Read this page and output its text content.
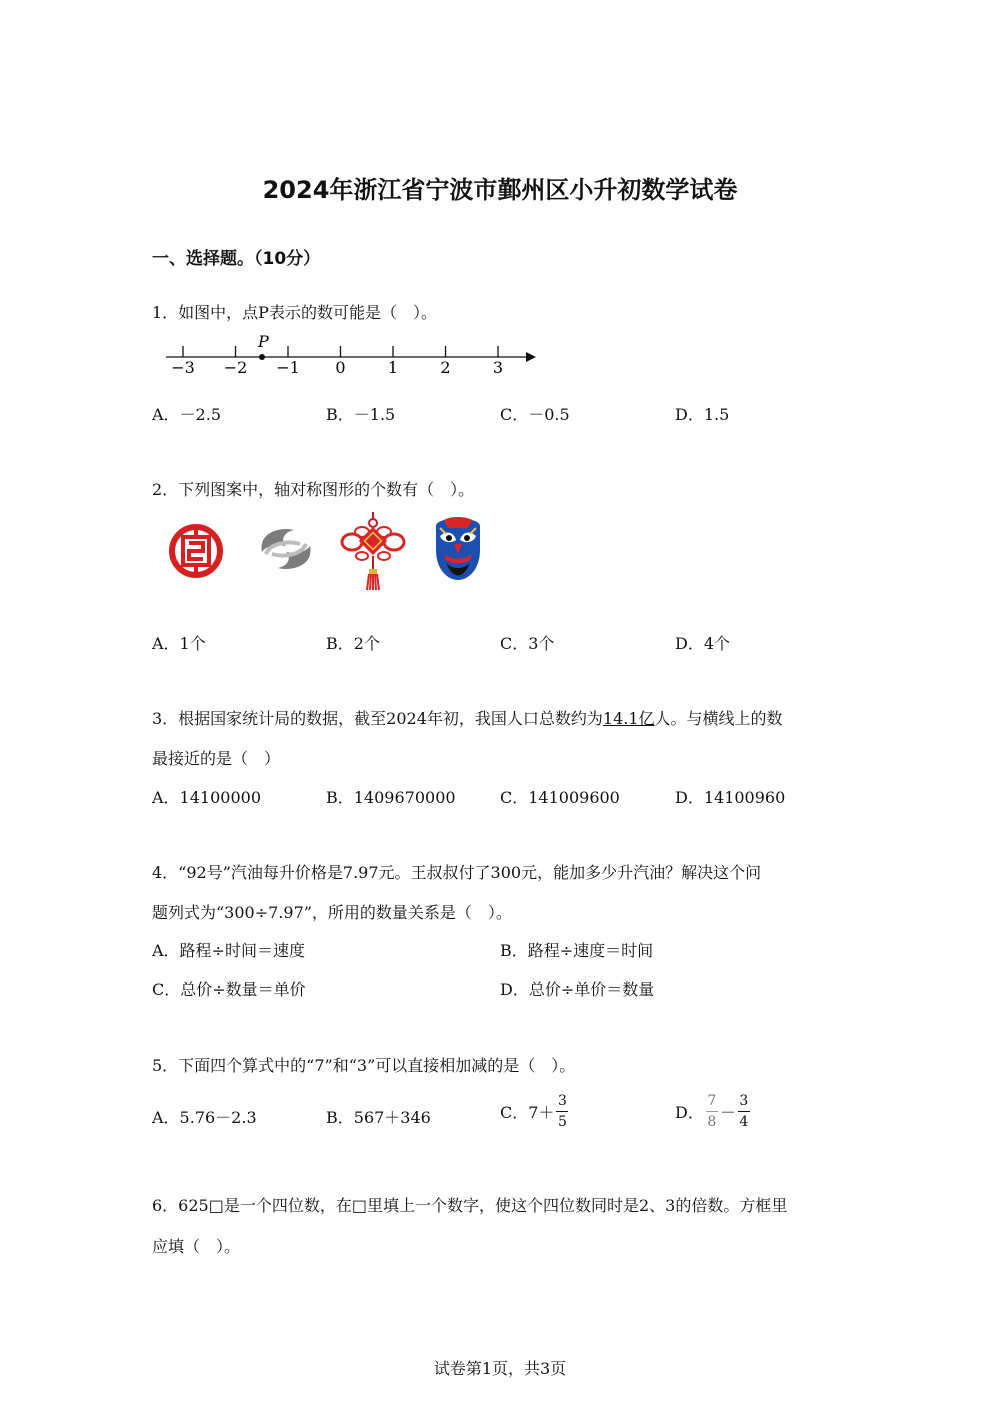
2024年浙江省宁波市鄞州区小升初数学试卷
一、选择题。（10分）
1．如图中，点P表示的数可能是（　）。
−3 −2 −1 0	1	2	3
P
A．－2.5	B．－1.5	C．－0.5	D．1.5
2．下列图案中，轴对称图形的个数有（　）。
A．1个	B．2个	C．3个	D．4个
3．根据国家统计局的数据，截至2024年初，我国人口总数约为14.1亿人。与横线上的数
最接近的是（　）
A．14100000	B．1409670000	C．141009600	D．14100960
4．“92号”汽油每升价格是7.97元。王叔叔付了300元，能加多少升汽油？解决这个问
题列式为“300÷7.97”，所用的数量关系是（　）。
A．路程÷时间＝速度	B．路程÷速度＝时间
C．总价÷数量＝单价	D．总价÷单价＝数量
5．下面四个算式中的“7”和“3”可以直接相加减的是（　）。
A．5.76－2.3	B．567＋346	C．$7+ \frac{3}{5}$	D． $\frac{7}{8} - \frac{3}{4}$
6．625□是一个四位数，在□里填上一个数字，使这个四位数同时是2、3的倍数。方框里
应填（　）。
试卷第1页，共3页
